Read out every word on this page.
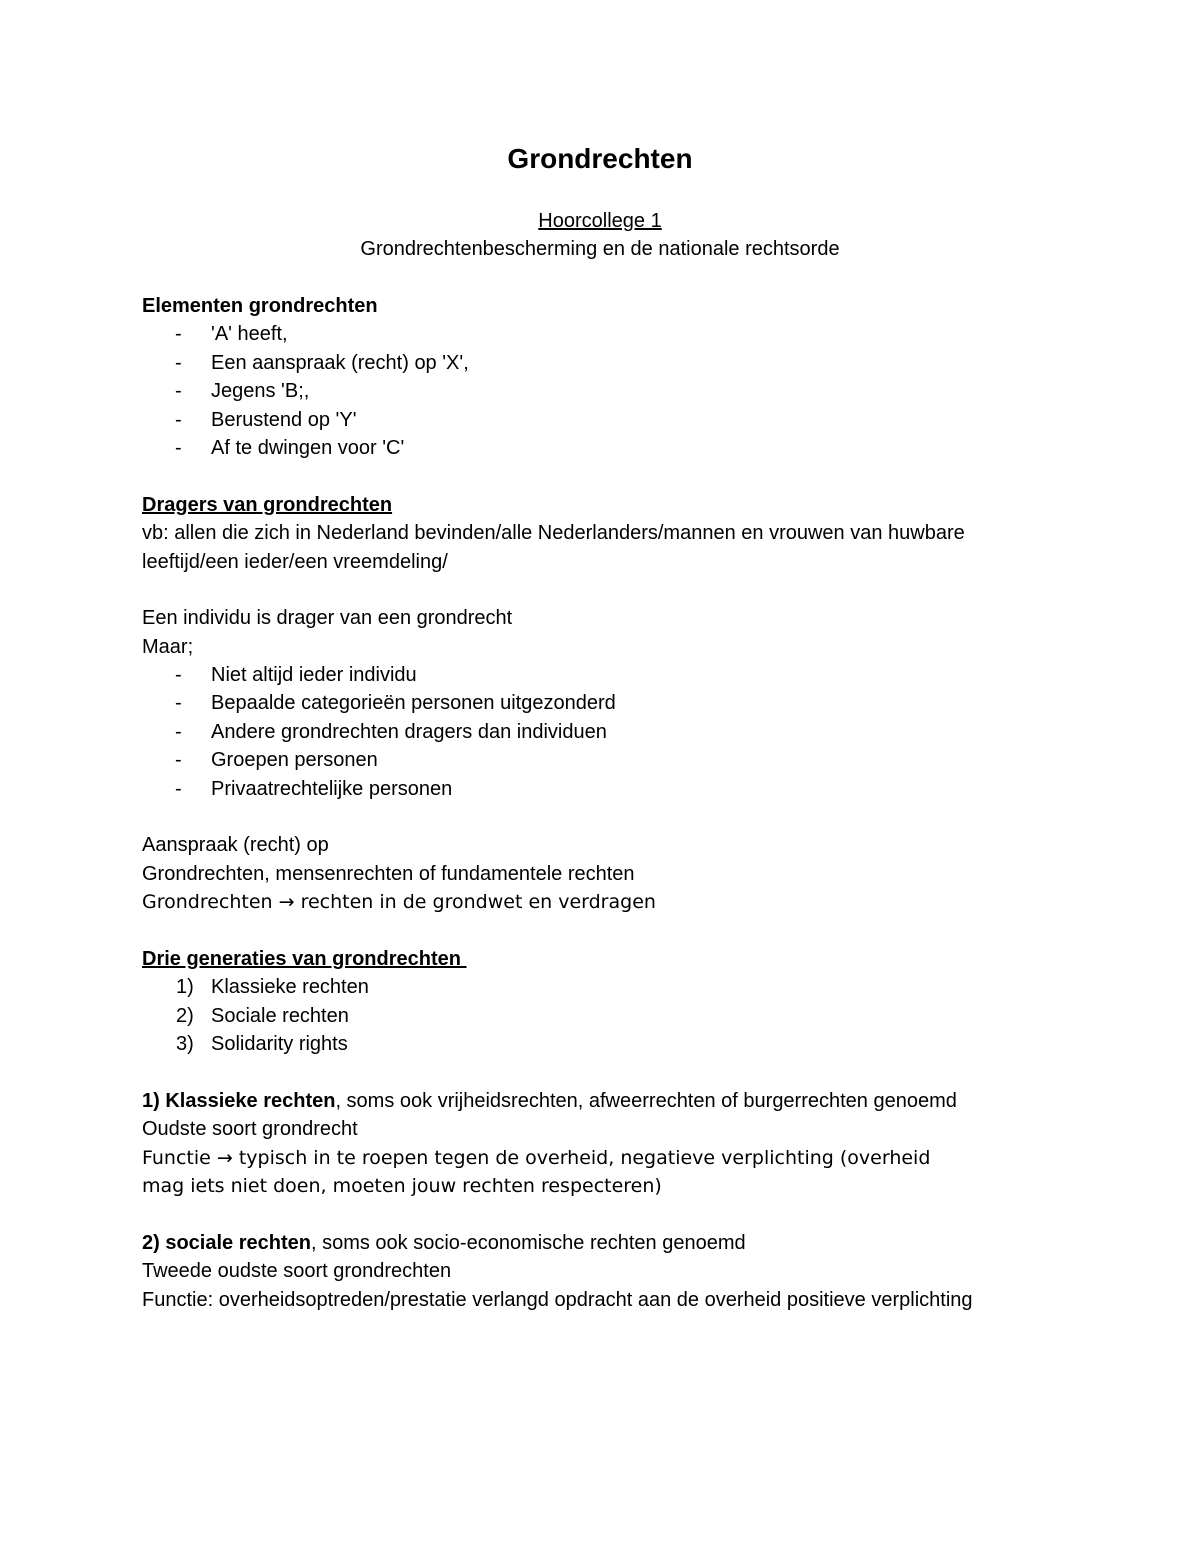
Grondrechten

Hoorcollege 1

Grondrechtenbescherming en de nationale rechtsorde

Elementen grondrechten

- 'A' heeft,
- Een aanspraak (recht) op 'X',
- Jegens 'B;,
- Berustend op 'Y'
- Af te dwingen voor 'C'

Dragers van grondrechten

vb: allen die zich in Nederland bevinden/alle Nederlanders/mannen en vrouwen van huwbare

leeftijd/een ieder/een vreemdeling/

Een individu is drager van een grondrecht

Maar;

- Niet altijd ieder individu
- Bepaalde categorieën personen uitgezonderd
- Andere grondrechten dragers dan individuen
- Groepen personen
- Privaatrechtelijke personen

Aanspraak (recht) op

Grondrechten, mensenrechten of fundamentele rechten

Grondrechten → rechten in de grondwet en verdragen

Drie generaties van grondrechten

1) Klassieke rechten
2) Sociale rechten
3) Solidarity rights

1) Klassieke rechten, soms ook vrijheidsrechten, afweerrechten of burgerrechten genoemd

Oudste soort grondrecht

Functie → typisch in te roepen tegen de overheid, negatieve verplichting (overheid

mag iets niet doen, moeten jouw rechten respecteren)

2) sociale rechten, soms ook socio-economische rechten genoemd

Tweede oudste soort grondrechten

Functie: overheidsoptreden/prestatie verlangd opdracht aan de overheid positieve verplichting
